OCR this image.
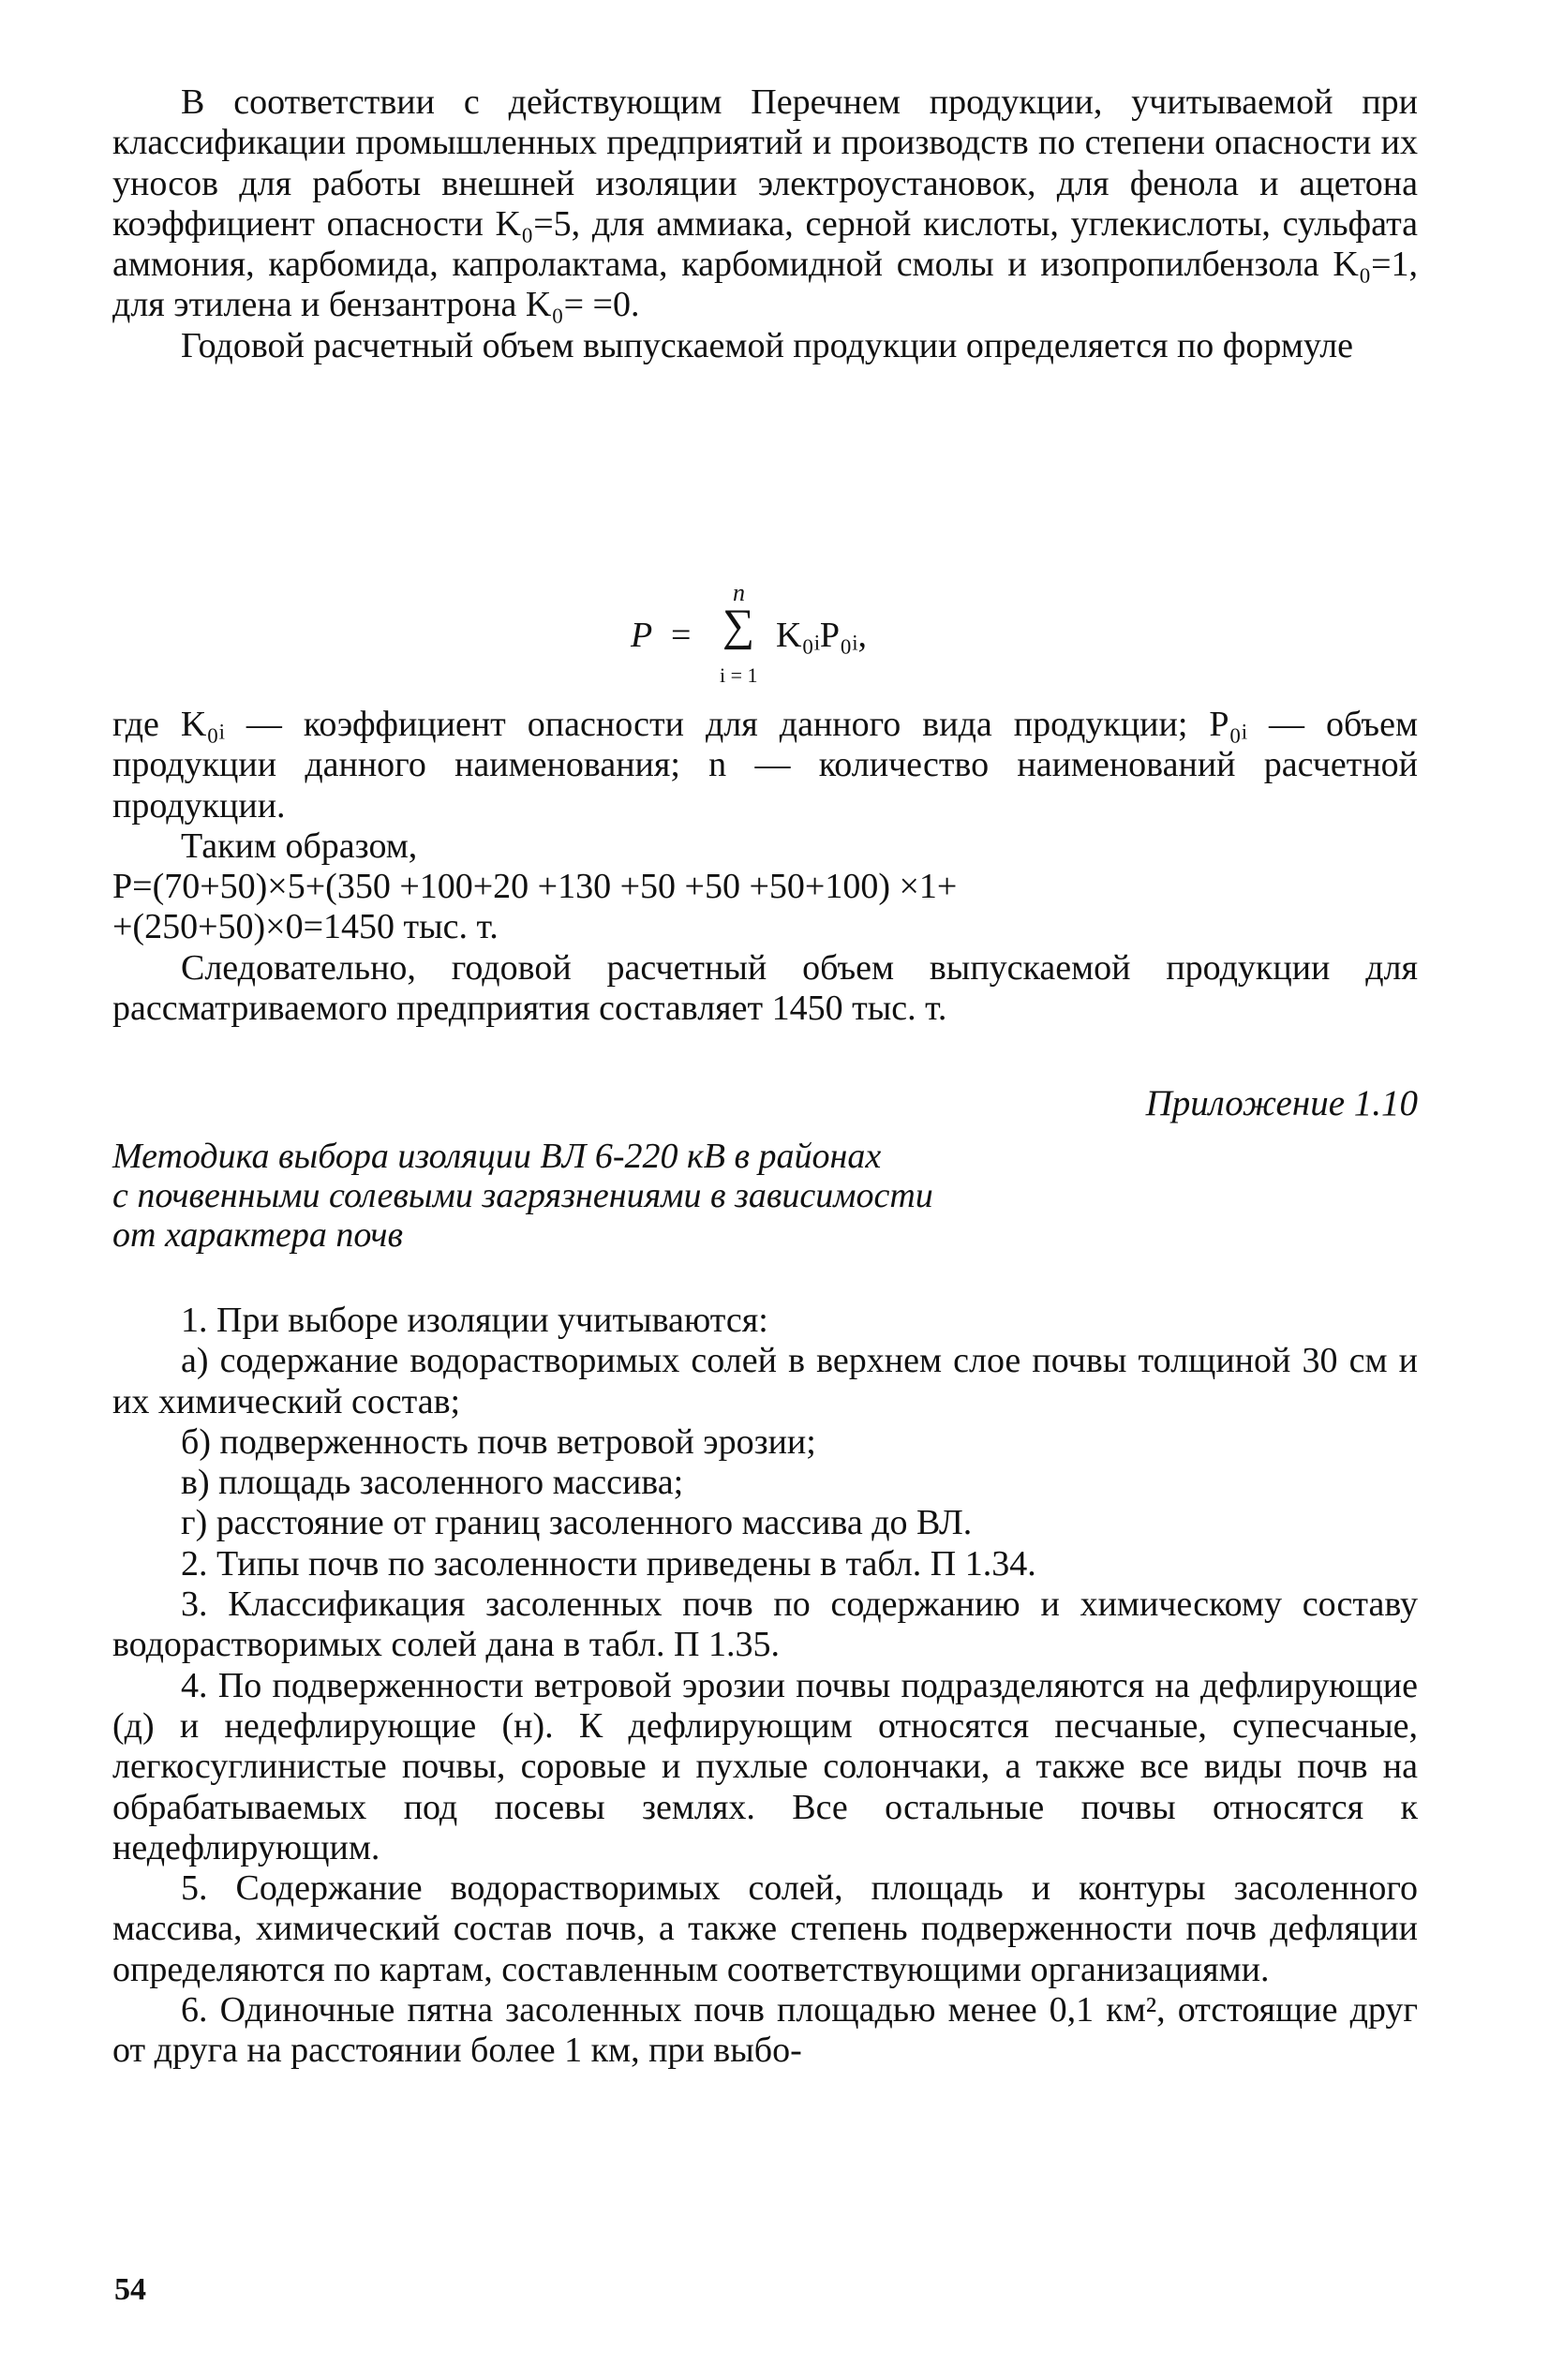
В соответствии с действующим Перечнем продукции, учитываемой при классификации промышленных предприятий и производств по степени опасности их уносов для работы внешней изоляции электроустановок, для фенола и ацетона коэффициент опасности K₀=5, для аммиака, серной кислоты, углекислоты, сульфата аммония, карбомида, капролактама, карбомидной смолы и изопропилбензола K₀=1, для этилена и бензантрона K₀= =0.

Годовой расчетный объем выпускаемой продукции определяется по формуле

P =
n
∑
i = 1
K₀ᵢP₀ᵢ,

где K₀ᵢ — коэффициент опасности для данного вида продукции; P₀ᵢ — объем продукции данного наименования; n — количество наименований расчетной продукции.

Таким образом,

P=(70+50)×5+(350 +100+20 +130 +50 +50 +50+100) ×1+

+(250+50)×0=1450 тыс. т.

Следовательно, годовой расчетный объем выпускаемой продукции для рассматриваемого предприятия составляет 1450 тыс. т.

Приложение 1.10
Методика выбора изоляции ВЛ 6-220 кВ в районах
с почвенными солевыми загрязнениями в зависимости
от характера почв

1. При выборе изоляции учитываются:

а) содержание водорастворимых солей в верхнем слое почвы толщиной 30 см и их химический состав;

б) подверженность почв ветровой эрозии;

в) площадь засоленного массива;

г) расстояние от границ засоленного массива до ВЛ.

2. Типы почв по засоленности приведены в табл. П 1.34.

3. Классификация засоленных почв по содержанию и химическому составу водорастворимых солей дана в табл. П 1.35.

4. По подверженности ветровой эрозии почвы подразделяются на дефлирующие (д) и недефлирующие (н). К дефлирующим относятся песчаные, супесчаные, легкосуглинистые почвы, соровые и пухлые солончаки, а также все виды почв на обрабатываемых под посевы землях. Все остальные почвы относятся к недефлирующим.

5. Содержание водорастворимых солей, площадь и контуры засоленного массива, химический состав почв, а также степень подверженности почв дефляции определяются по картам, составленным соответствующими организациями.

6. Одиночные пятна засоленных почв площадью менее 0,1 км², отстоящие друг от друга на расстоянии более 1 км, при выбо-

54
